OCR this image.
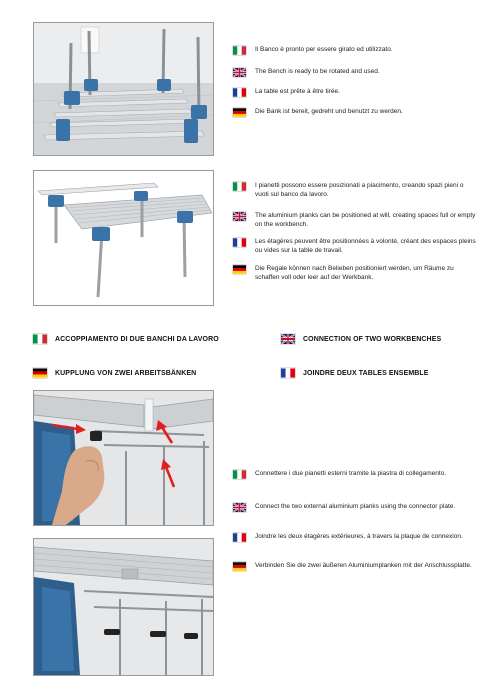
Il Banco è pronto per essere girato ed utilizzato.
The Bench is ready to be rotated and used.
La table est prête à être tirée.
Die Bank ist bereit, gedreht und benutzt zu werden.
I pianetti possono essere posizionati a piacimento, creando spazi pieni o vuoti sul banco da lavoro.
The aluminium planks can be positioned at will, creating spaces full or empty on the workbench.
Les étagères peuvent être positionnées à volonté, créant des espaces pleins ou vides sur la table de travail.
Die Regale können nach Belieben positioniert werden, um Räume zu schaffen voll oder leer auf der Werkbank.
ACCOPPIAMENTO DI DUE BANCHI DA LAVORO	CONNECTION OF TWO WORKBENCHES
KUPPLUNG VON ZWEI ARBEITSBÄNKEN	JOINDRE DEUX TABLES ENSEMBLE
Connettere i due pianetti esterni tramite la piastra di collegamento.
Connect the two external aluminium planks using the connector plate.
Joindre les deux étagères extérieures, à travers la plaque de connexion.
Verbinden Sie die zwei äußeren Aluminiumplanken mit der Anschlussplatte.
